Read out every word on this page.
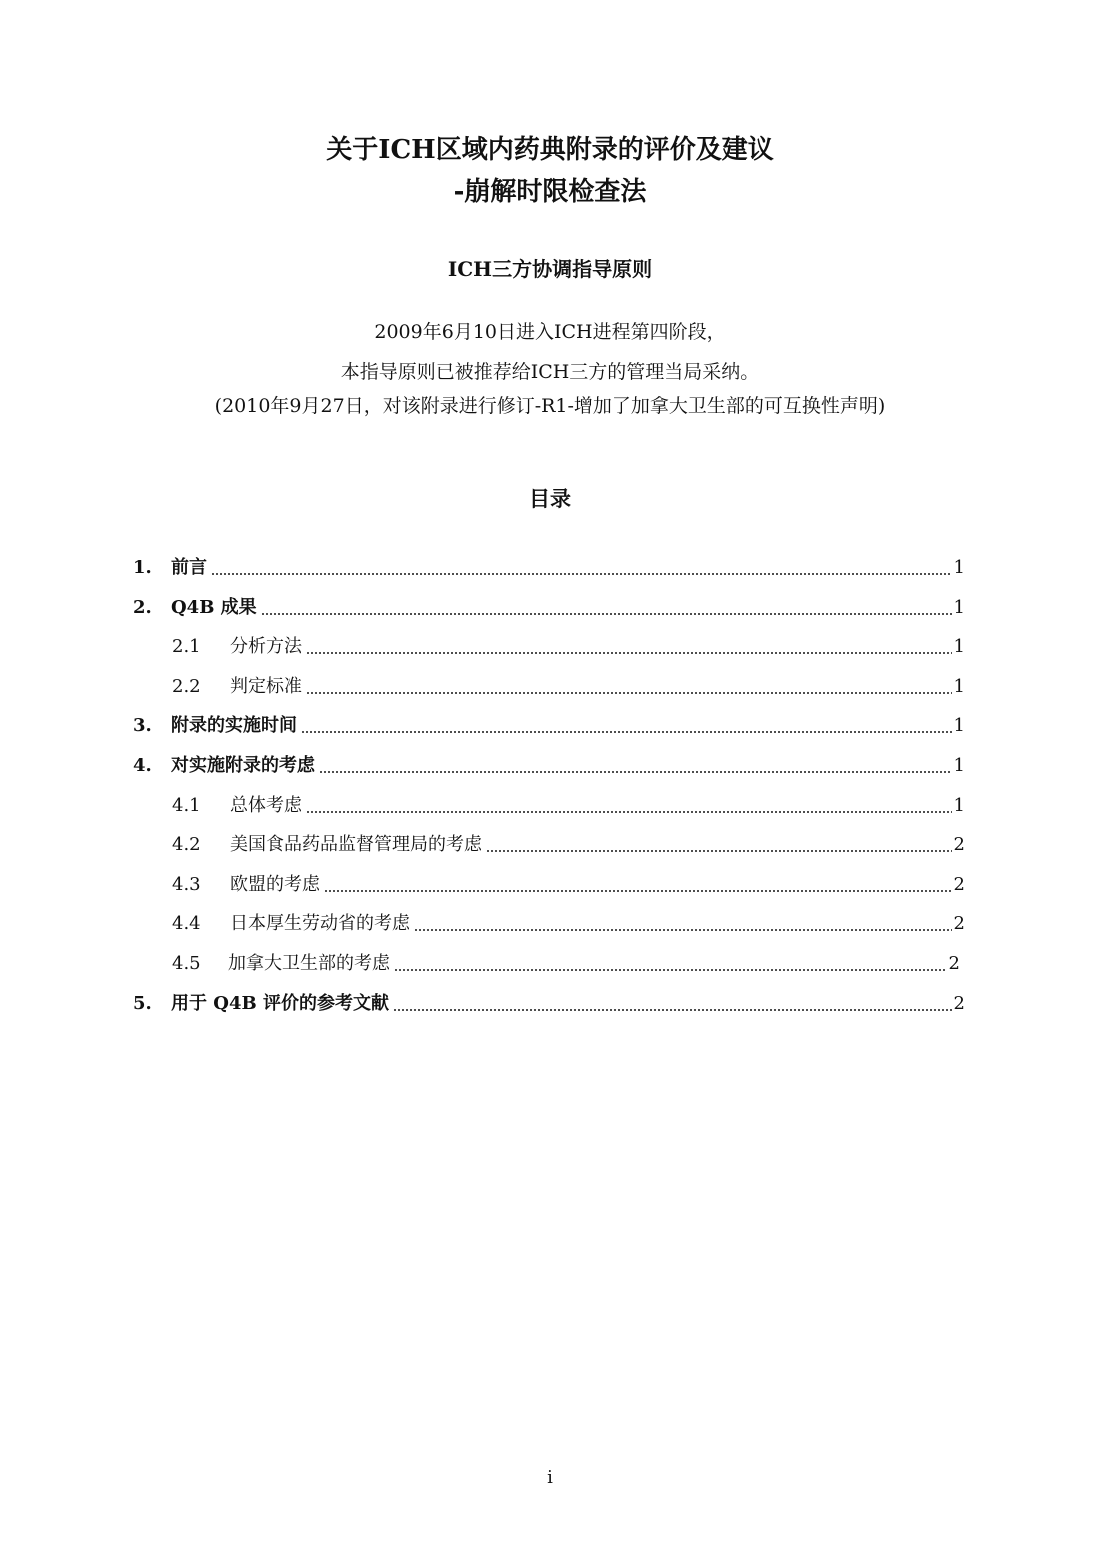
关于ICH区域内药典附录的评价及建议
-崩解时限检查法
ICH三方协调指导原则
2009年6月10日进入ICH进程第四阶段，
本指导原则已被推荐给ICH三方的管理当局采纳。
(2010年9月27日，对该附录进行修订-R1-增加了加拿大卫生部的可互换性声明)
目录
1.	前言	1
2.	Q4B 成果	1
2.1	分析方法	1
2.2	判定标准	1
3.	附录的实施时间	1
4.	对实施附录的考虑	1
4.1	总体考虑	1
4.2	美国食品药品监督管理局的考虑	2
4.3	欧盟的考虑	2
4.4	日本厚生劳动省的考虑	2
4.5	加拿大卫生部的考虑	2
5.	用于 Q4B 评价的参考文献	2
i
